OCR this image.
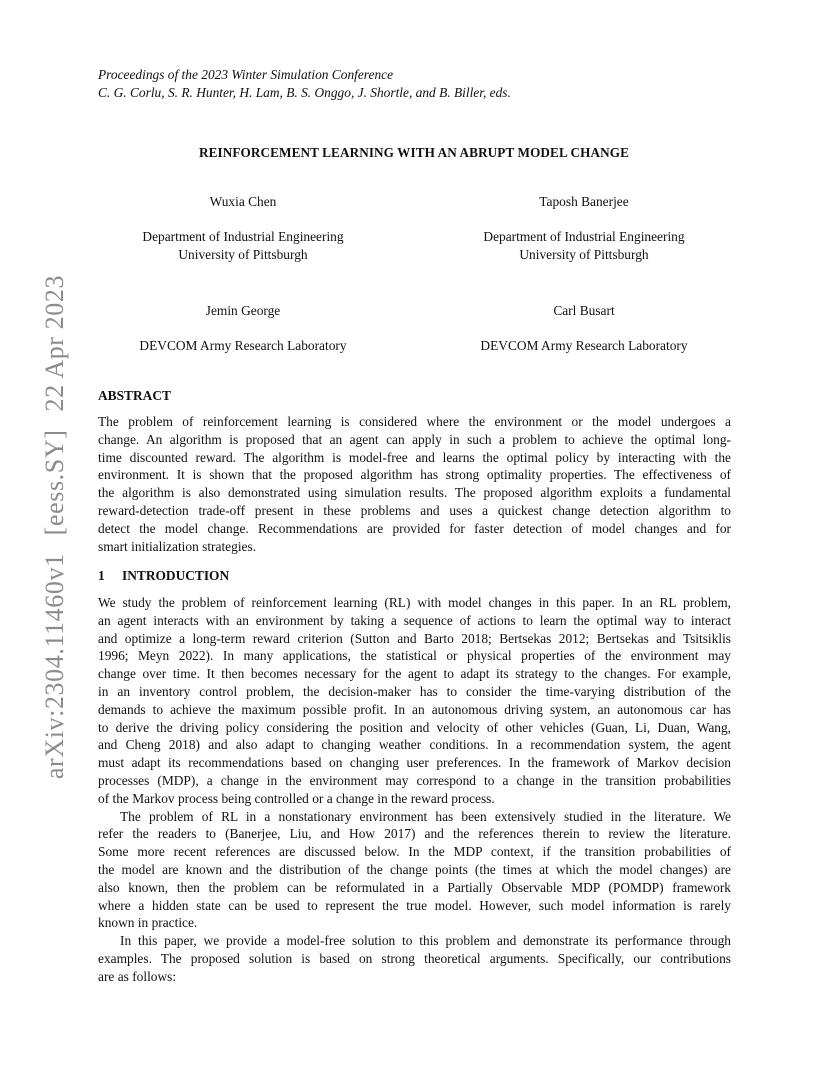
arXiv:2304.11460v1[eess.SY]22 Apr 2023
Proceedings of the 2023 Winter Simulation Conference
C. G. Corlu, S. R. Hunter, H. Lam, B. S. Onggo, J. Shortle, and B. Biller, eds.
REINFORCEMENT LEARNING WITH AN ABRUPT MODEL CHANGE
Wuxia Chen
Department of Industrial Engineering
University of Pittsburgh
Taposh Banerjee
Department of Industrial Engineering
University of Pittsburgh
Jemin George
DEVCOM Army Research Laboratory
Carl Busart
DEVCOM Army Research Laboratory
ABSTRACT
The problem of reinforcement learning is considered where the environment or the model undergoes a
change. An algorithm is proposed that an agent can apply in such a problem to achieve the optimal long-
time discounted reward. The algorithm is model-free and learns the optimal policy by interacting with the
environment. It is shown that the proposed algorithm has strong optimality properties. The effectiveness of
the algorithm is also demonstrated using simulation results. The proposed algorithm exploits a fundamental
reward-detection trade-off present in these problems and uses a quickest change detection algorithm to
detect the model change. Recommendations are provided for faster detection of model changes and for
smart initialization strategies.
1 INTRODUCTION
We study the problem of reinforcement learning (RL) with model changes in this paper. In an RL problem,
an agent interacts with an environment by taking a sequence of actions to learn the optimal way to interact
and optimize a long-term reward criterion (Sutton and Barto 2018; Bertsekas 2012; Bertsekas and Tsitsiklis
1996; Meyn 2022). In many applications, the statistical or physical properties of the environment may
change over time. It then becomes necessary for the agent to adapt its strategy to the changes. For example,
in an inventory control problem, the decision-maker has to consider the time-varying distribution of the
demands to achieve the maximum possible profit. In an autonomous driving system, an autonomous car has
to derive the driving policy considering the position and velocity of other vehicles (Guan, Li, Duan, Wang,
and Cheng 2018) and also adapt to changing weather conditions. In a recommendation system, the agent
must adapt its recommendations based on changing user preferences. In the framework of Markov decision
processes (MDP), a change in the environment may correspond to a change in the transition probabilities
of the Markov process being controlled or a change in the reward process.
The problem of RL in a nonstationary environment has been extensively studied in the literature. We
refer the readers to (Banerjee, Liu, and How 2017) and the references therein to review the literature.
Some more recent references are discussed below. In the MDP context, if the transition probabilities of
the model are known and the distribution of the change points (the times at which the model changes) are
also known, then the problem can be reformulated in a Partially Observable MDP (POMDP) framework
where a hidden state can be used to represent the true model. However, such model information is rarely
known in practice.
In this paper, we provide a model-free solution to this problem and demonstrate its performance through
examples. The proposed solution is based on strong theoretical arguments. Specifically, our contributions
are as follows:
